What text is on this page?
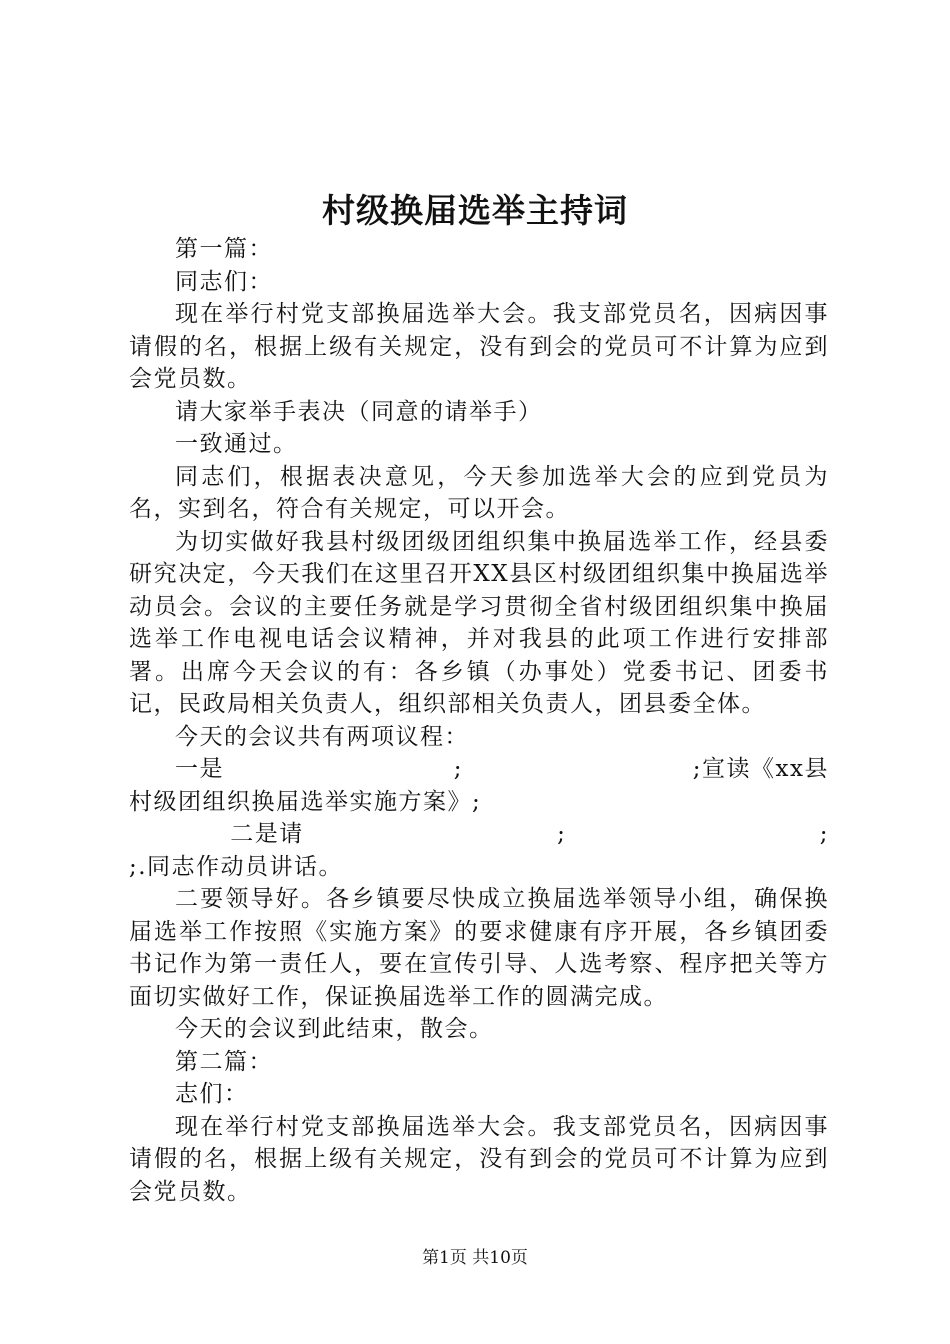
村级换届选举主持词

第一篇：

同志们：

现在举行村党支部换届选举大会。我支部党员名，因病因事请假的名，根据上级有关规定，没有到会的党员可不计算为应到会党员数。

请大家举手表决（同意的请举手）

一致通过。

同志们，根据表决意见，今天参加选举大会的应到党员为名，实到名，符合有关规定，可以开会。

为切实做好我县村级团级团组织集中换届选举工作，经县委研究决定，今天我们在这里召开XX县区村级团组织集中换届选举动员会。会议的主要任务就是学习贯彻全省村级团组织集中换届选举工作电视电话会议精神，并对我县的此项工作进行安排部署。出席今天会议的有：各乡镇（办事处）党委书记、团委书记，民政局相关负责人，组织部相关负责人，团县委全体。

今天的会议共有两项议程：

一是	;	;宣读《xx县
村级团组织换届选举实施方案》;
二是请	;	;
;.同志作动员讲话。

二要领导好。各乡镇要尽快成立换届选举领导小组，确保换届选举工作按照《实施方案》的要求健康有序开展，各乡镇团委书记作为第一责任人，要在宣传引导、人选考察、程序把关等方面切实做好工作，保证换届选举工作的圆满完成。

今天的会议到此结束，散会。

第二篇：

志们：

现在举行村党支部换届选举大会。我支部党员名，因病因事请假的名，根据上级有关规定，没有到会的党员可不计算为应到会党员数。

第1页 共10页
